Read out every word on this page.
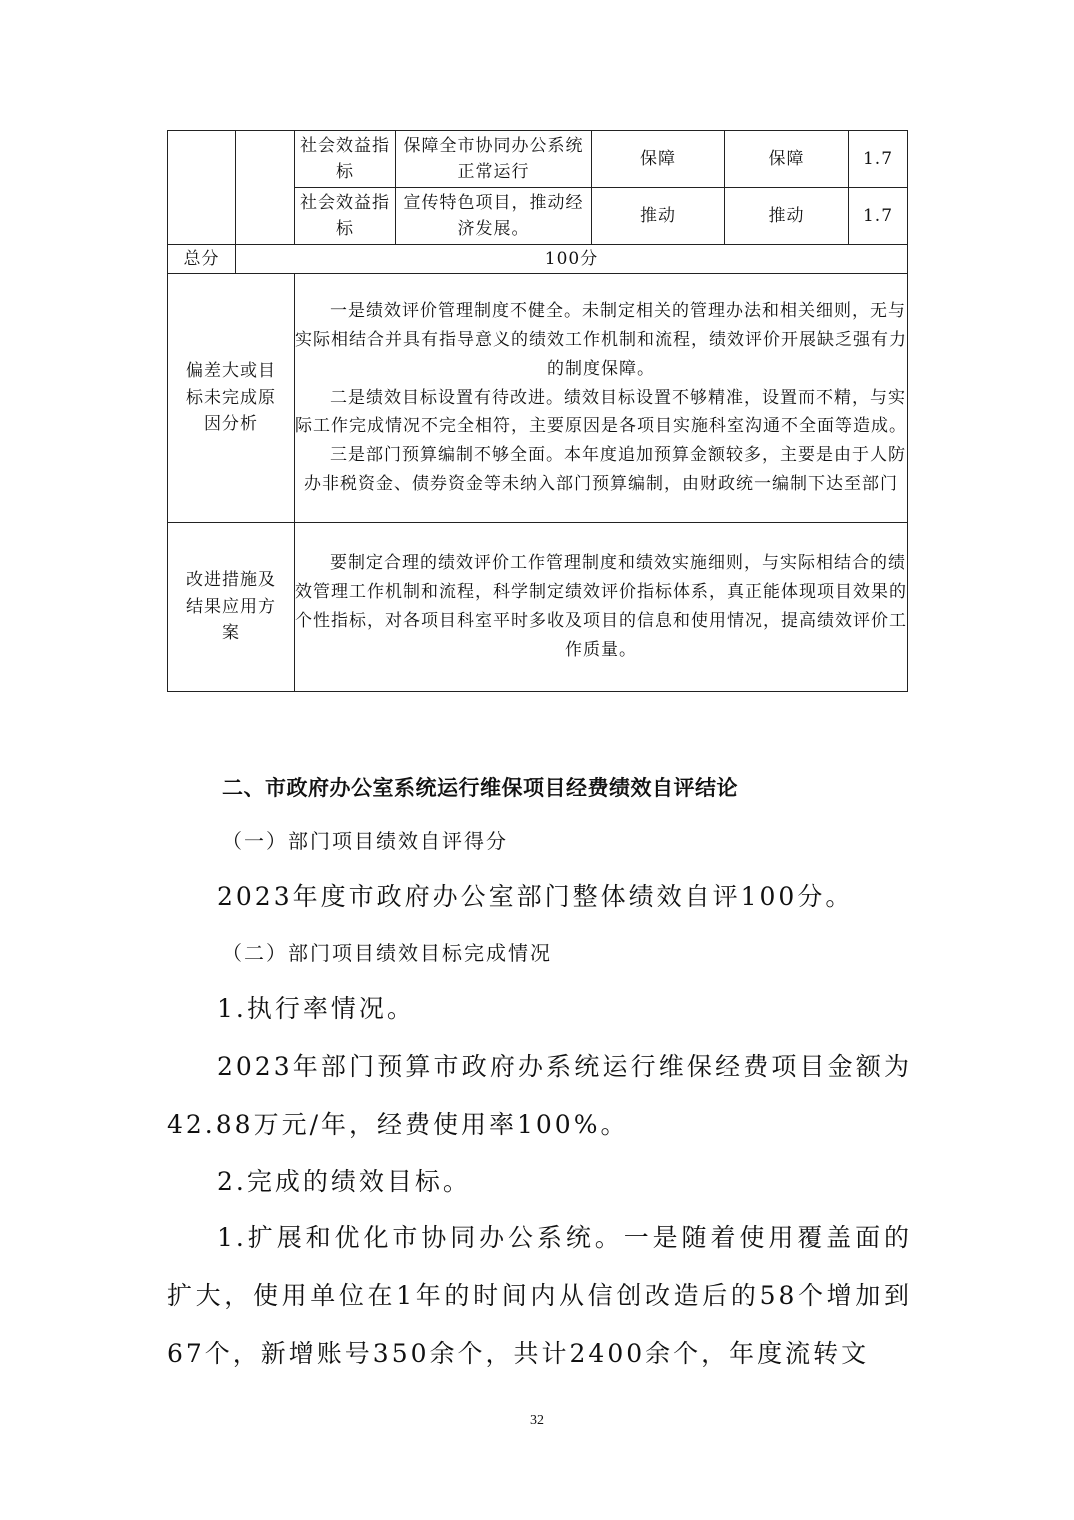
		社会效益指标	保障全市协同办公系统正常运行	保障	保障	1.7
		社会效益指标	宣传特色项目，推动经济发展。	推动	推动	1.7
总分	100分					

偏差大或目标未完成原因分析		一是绩效评价管理制度不健全。未制定相关的管理办法和相关细则，无与实际相结合并具有指导意义的绩效工作机制和流程，绩效评价开展缺乏强有力的制度保障。

二是绩效目标设置有待改进。绩效目标设置不够精准，设置而不精，与实际工作完成情况不完全相符，主要原因是各项目实施科室沟通不全面等造成。

三是部门预算编制不够全面。本年度追加预算金额较多，主要是由于人防办非税资金、债券资金等未纳入部门预算编制，由财政统一编制下达至部门				

改进措施及结果应用方案		要制定合理的绩效评价工作管理制度和绩效实施细则，与实际相结合的绩效管理工作机制和流程，科学制定绩效评价指标体系，真正能体现项目效果的个性指标，对各项目科室平时多收及项目的信息和使用情况，提高绩效评价工作质量。				

二、市政府办公室系统运行维保项目经费绩效自评结论
（一）部门项目绩效自评得分
2023年度市政府办公室部门整体绩效自评100分。
（二）部门项目绩效目标完成情况
1.执行率情况。
2023年部门预算市政府办系统运行维保经费项目金额为42.88万元/年，经费使用率100%。
2.完成的绩效目标。
1.扩展和优化市协同办公系统。一是随着使用覆盖面的扩大，使用单位在1年的时间内从信创改造后的58个增加到67个，新增账号350余个，共计2400余个，年度流转文
32
